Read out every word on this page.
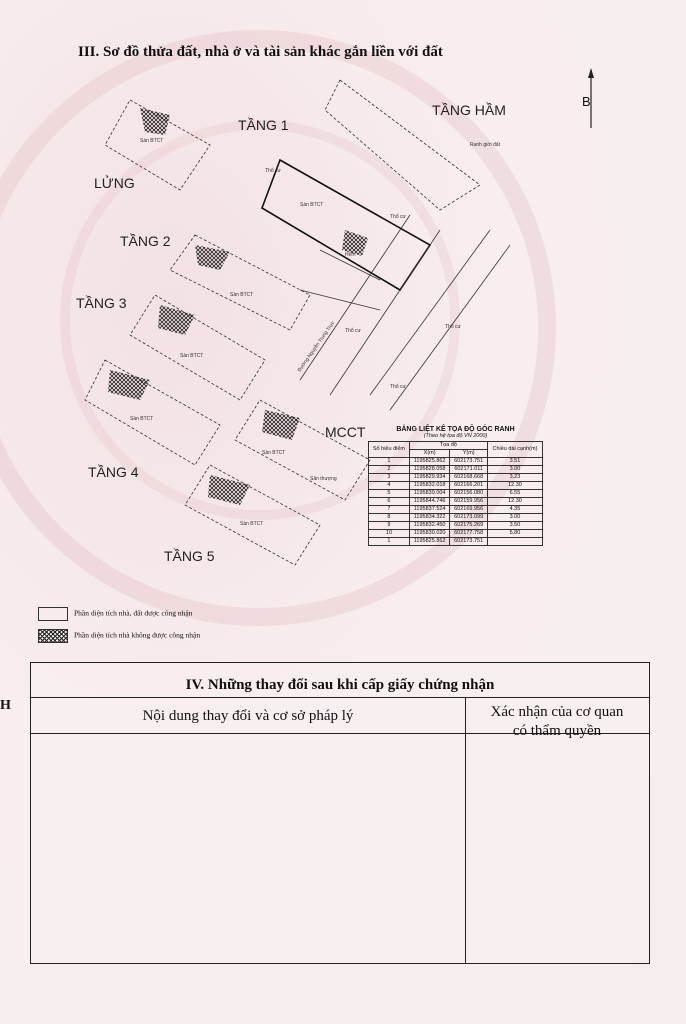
III. Sơ đồ thửa đất, nhà ở và tài sản khác gắn liền với đất
B
Sàn BTCT
Sàn BTCT
Sàn BTCT
Sàn BTCT
Sàn BTCT
Sàn BTCT
Sàn BTCT
Sân thượng
Thổ cư
Thổ cư
Thổ cư
Thổ cư
Thổ cư
Ranh giới đất
Hẻm
Đường Nguyễn Trung Trực
TẦNG 1
TẦNG HẦM
LỬNG
TẦNG 2
TẦNG 3
TẦNG 4
TẦNG 5
MCCT	BẢNG LIỆT KÊ TỌA ĐỘ GÓC RANH
(Theo hệ tọa độ VN 2000)
Số hiệu điểm	Tọa độ		Chiều dài cạnh(m)
	X(m)	Y(m)	
1	1195825.862	602173.751	3.51
2	1195828.058	602171.011	3.00
3	1195829.934	602168.668	3.23
4	1195832.018	602166.201	12.30
5	1195839.004	602156.080	6.55
6	1195844.746	602159.956	12.30
7	1195837.524	602169.956	4.35
8	1195834.322	602173.099	3.00
9	1195832.450	602175.269	3.50
10	1195830.020	602177.758	5.80
1	1195825.862	602173.751	
Phần diện tích nhà, đất được công nhận
Phần diện tích nhà không được công nhận
H
IV. Những thay đổi sau khi cấp giấy chứng nhận
Nội dung thay đổi và cơ sở pháp lý	Xác nhận của cơ quan
có thẩm quyền
